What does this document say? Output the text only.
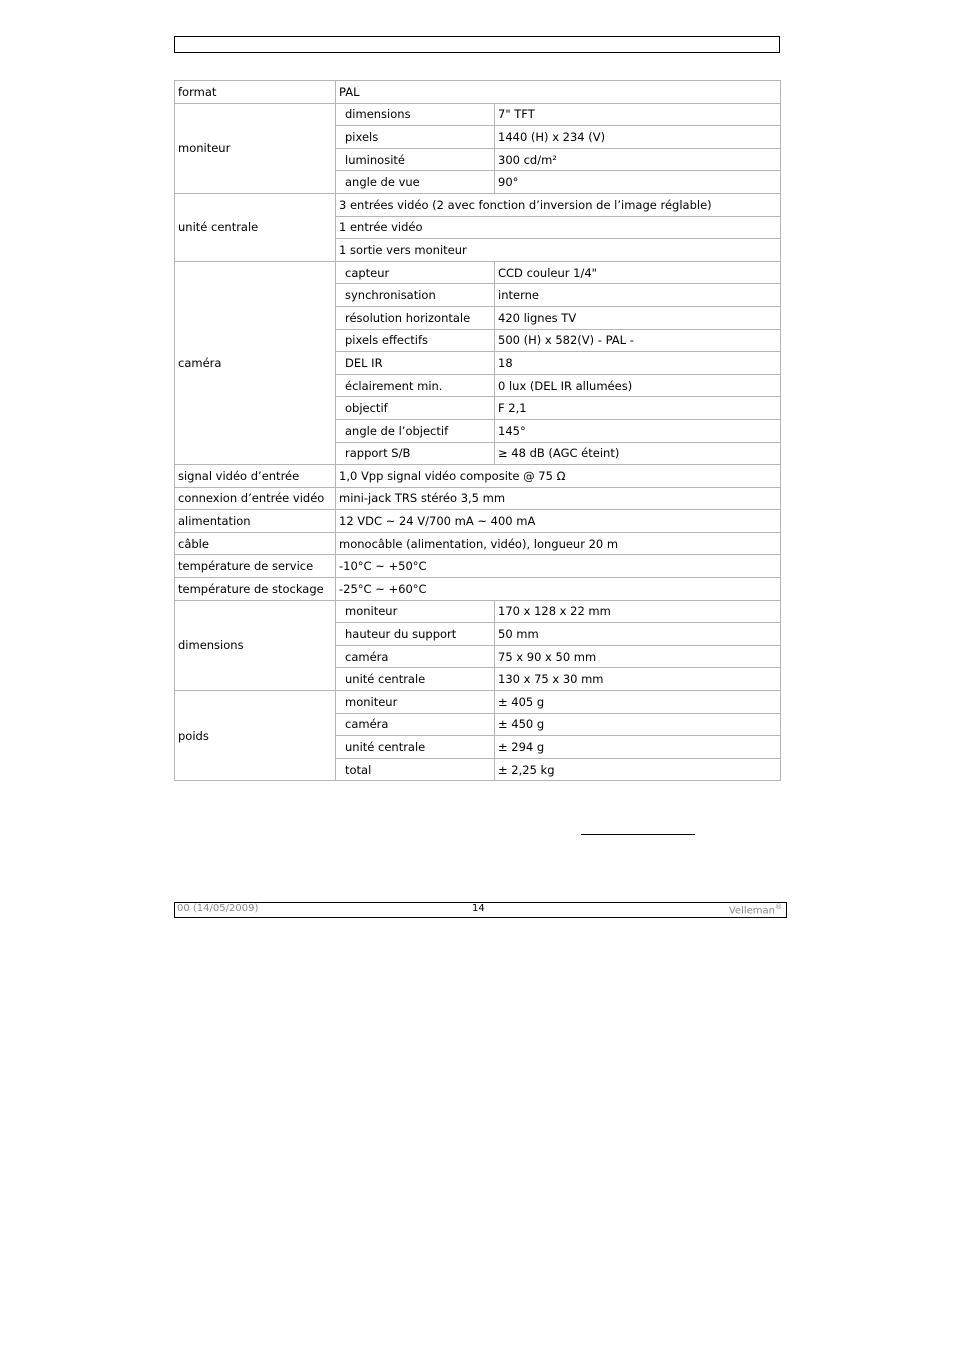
format	PAL	
moniteur	dimensions	7" TFT
	pixels	1440 (H) x 234 (V)
	luminosité	300 cd/m²
	angle de vue	90°
unité centrale	3 entrées vidéo (2 avec fonction d’inversion de l’image réglable)	
	1 entrée vidéo	
	1 sortie vers moniteur	
caméra	capteur	CCD couleur 1/4"
	synchronisation	interne
	résolution horizontale	420 lignes TV
	pixels effectifs	500 (H) x 582(V) - PAL -
	DEL IR	18
	éclairement min.	0 lux (DEL IR allumées)
	objectif	F 2,1
	angle de l’objectif	145°
	rapport S/B	≥ 48 dB (AGC éteint)
signal vidéo d’entrée	1,0 Vpp signal vidéo composite @ 75 Ω	
connexion d’entrée vidéo	mini-jack TRS stéréo 3,5 mm	
alimentation	12 VDC ~ 24 V/700 mA ~ 400 mA	
câble	monocâble (alimentation, vidéo), longueur 20 m	
température de service	-10°C ~ +50°C	
température de stockage	-25°C ~ +60°C	
dimensions	moniteur	170 x 128 x 22 mm
	hauteur du support	50 mm
	caméra	75 x 90 x 50 mm
	unité centrale	130 x 75 x 30 mm
poids	moniteur	± 405 g
	caméra	± 450 g
	unité centrale	± 294 g
	total	± 2,25 kg
00 (14/05/2009)	14	Velleman®
